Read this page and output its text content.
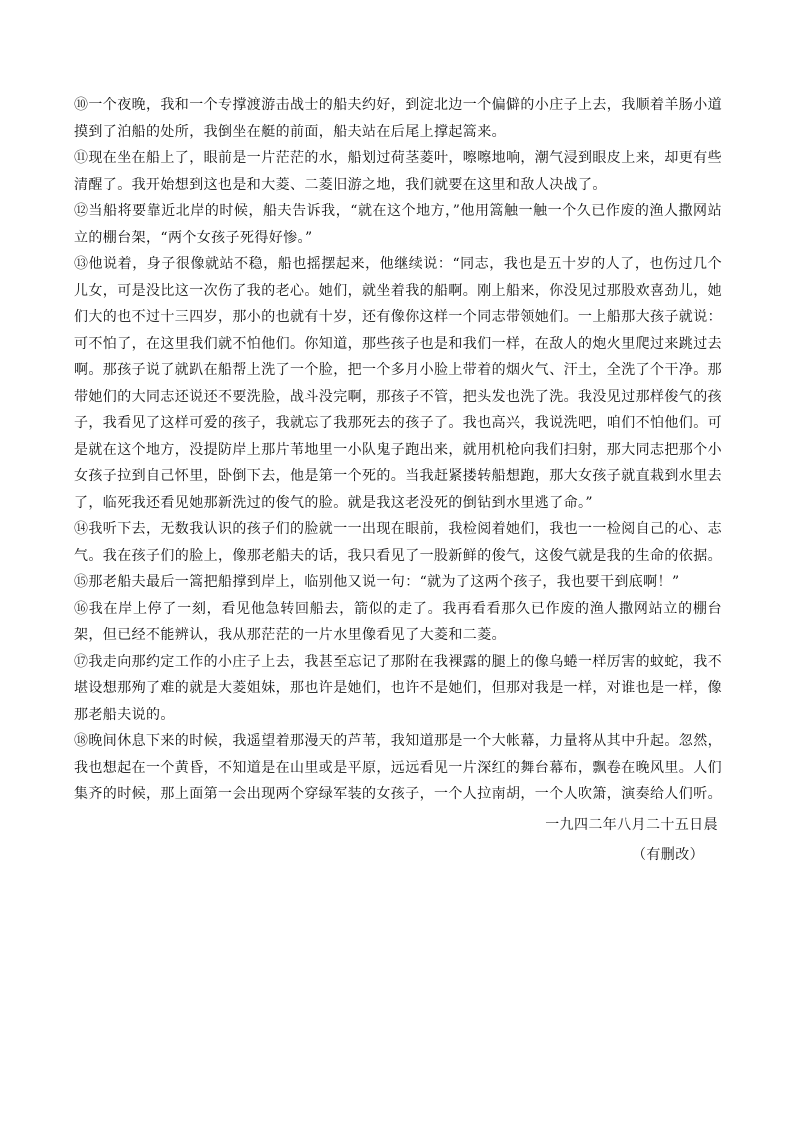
⑩一个夜晚，我和一个专撑渡游击战士的船夫约好，到淀北边一个偏僻的小庄子上去，我顺着羊肠小道摸到了泊船的处所，我倒坐在艇的前面，船夫站在后尾上撑起篙来。

⑪现在坐在船上了，眼前是一片茫茫的水，船划过荷茎菱叶，嚓嚓地响，潮气浸到眼皮上来，却更有些清醒了。我开始想到这也是和大菱、二菱旧游之地，我们就要在这里和敌人决战了。

⑫当船将要靠近北岸的时候，船夫告诉我，“就在这个地方，”他用篙触一触一个久已作废的渔人撒网站立的棚台架，“两个女孩子死得好惨。”

⑬他说着，身子很像就站不稳，船也摇摆起来，他继续说：“同志，我也是五十岁的人了，也伤过几个儿女，可是没比这一次伤了我的老心。她们，就坐着我的船啊。刚上船来，你没见过那股欢喜劲儿，她们大的也不过十三四岁，那小的也就有十岁，还有像你这样一个同志带领她们。一上船那大孩子就说：可不怕了，在这里我们就不怕他们。你知道，那些孩子也是和我们一样，在敌人的炮火里爬过来跳过去啊。那孩子说了就趴在船帮上洗了一个脸，把一个多月小脸上带着的烟火气、汗土，全洗了个干净。那带她们的大同志还说还不要洗脸，战斗没完啊，那孩子不管，把头发也洗了洗。我没见过那样俊气的孩子，我看见了这样可爱的孩子，我就忘了我那死去的孩子了。我也高兴，我说洗吧，咱们不怕他们。可是就在这个地方，没提防岸上那片苇地里一小队鬼子跑出来，就用机枪向我们扫射，那大同志把那个小女孩子拉到自己怀里，卧倒下去，他是第一个死的。当我赶紧搂转船想跑，那大女孩子就直栽到水里去了，临死我还看见她那新洗过的俊气的脸。就是我这老没死的倒钻到水里逃了命。”

⑭我听下去，无数我认识的孩子们的脸就一一出现在眼前，我检阅着她们，我也一一检阅自己的心、志气。我在孩子们的脸上，像那老船夫的话，我只看见了一股新鲜的俊气，这俊气就是我的生命的依据。

⑮那老船夫最后一篙把船撑到岸上，临别他又说一句：“就为了这两个孩子，我也要干到底啊！”

⑯我在岸上停了一刻，看见他急转回船去，箭似的走了。我再看看那久已作废的渔人撒网站立的棚台架，但已经不能辨认，我从那茫茫的一片水里像看见了大菱和二菱。

⑰我走向那约定工作的小庄子上去，我甚至忘记了那附在我裸露的腿上的像乌蜷一样厉害的蚊蛇，我不堪设想那殉了难的就是大菱姐妹，那也许是她们，也许不是她们，但那对我是一样，对谁也是一样，像那老船夫说的。

⑱晚间休息下来的时候，我遥望着那漫天的芦苇，我知道那是一个大帐幕，力量将从其中升起。忽然，我也想起在一个黄昏，不知道是在山里或是平原，远远看见一片深红的舞台幕布，飘卷在晚风里。人们集齐的时候，那上面第一会出现两个穿绿军装的女孩子，一个人拉南胡，一个人吹箫，演奏给人们听。

一九四二年八月二十五日晨
（有删改）
